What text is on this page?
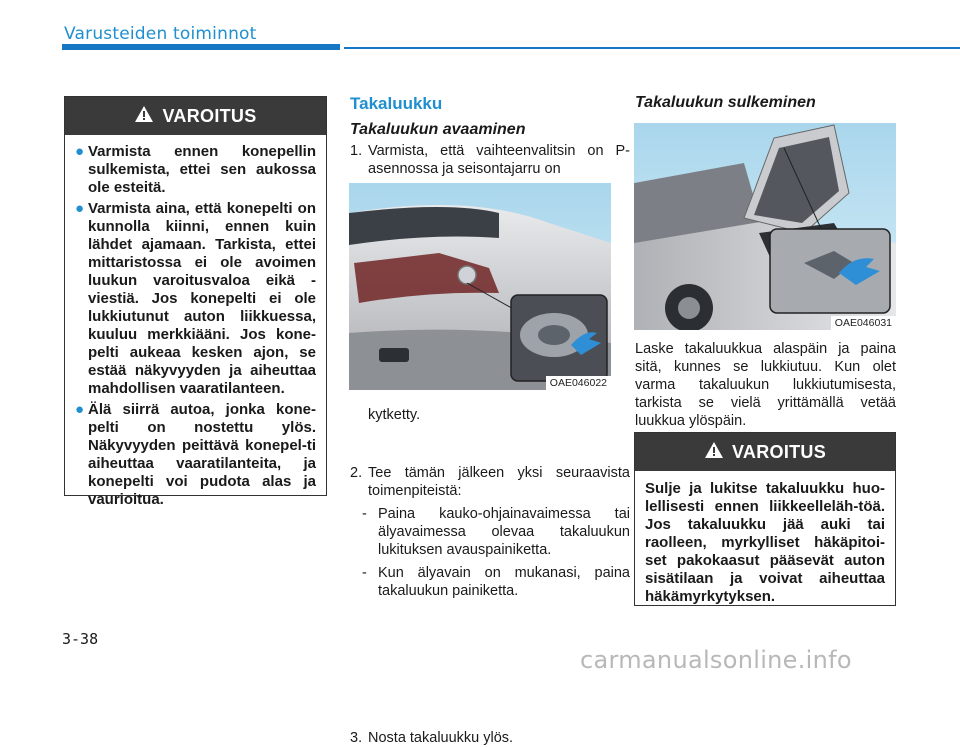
Varusteiden toiminnot
VAROITUS
● Varmista ennen konepellin sulkemista, ettei sen aukossa ole esteitä.
● Varmista aina, että konepelti on kunnolla kiinni, ennen kuin lähdet ajamaan. Tarkista, ettei mittaristossa ei ole avoimen luukun varoitusvaloa eikä -viestiä. Jos konepelti ei ole lukkiutunut auton liikkuessa, kuuluu merkkiääni. Jos kone-pelti aukeaa kesken ajon, se estää näkyvyyden ja aiheuttaa mahdollisen vaaratilanteen.
● Älä siirrä autoa, jonka kone-pelti on nostettu ylös. Näkyvyyden peittävä konepel-ti aiheuttaa vaaratilanteita, ja konepelti voi pudota alas ja vaurioitua.
Takaluukku
Takaluukun avaaminen
1. Varmista, että vaihteenvalitsin on P-asennossa ja seisontajarru on
OAE046022
kytketty.
2. Tee tämän jälkeen yksi seuraavista toimenpiteistä:
- Paina kauko-ohjainavaimessa tai älyavaimessa olevaa takaluukun lukituksen avauspainiketta.
- Kun älyavain on mukanasi, paina takaluukun painiketta.
3. Nosta takaluukku ylös.
Takaluukun sulkeminen
OAE046031
Laske takaluukkua alaspäin ja paina sitä, kunnes se lukkiutuu. Kun olet varma takaluukun lukkiutumisesta, tarkista se vielä yrittämällä vetää luukkua ylöspäin.
VAROITUS
Sulje ja lukitse takaluukku huo-lellisesti ennen liikkeelleläh-töä. Jos takaluukku jää auki tai raolleen, myrkylliset häkäpitoi-set pakokaasut pääsevät auton sisätilaan ja voivat aiheuttaa häkämyrkytyksen.
3-38
carmanualsonline.info
